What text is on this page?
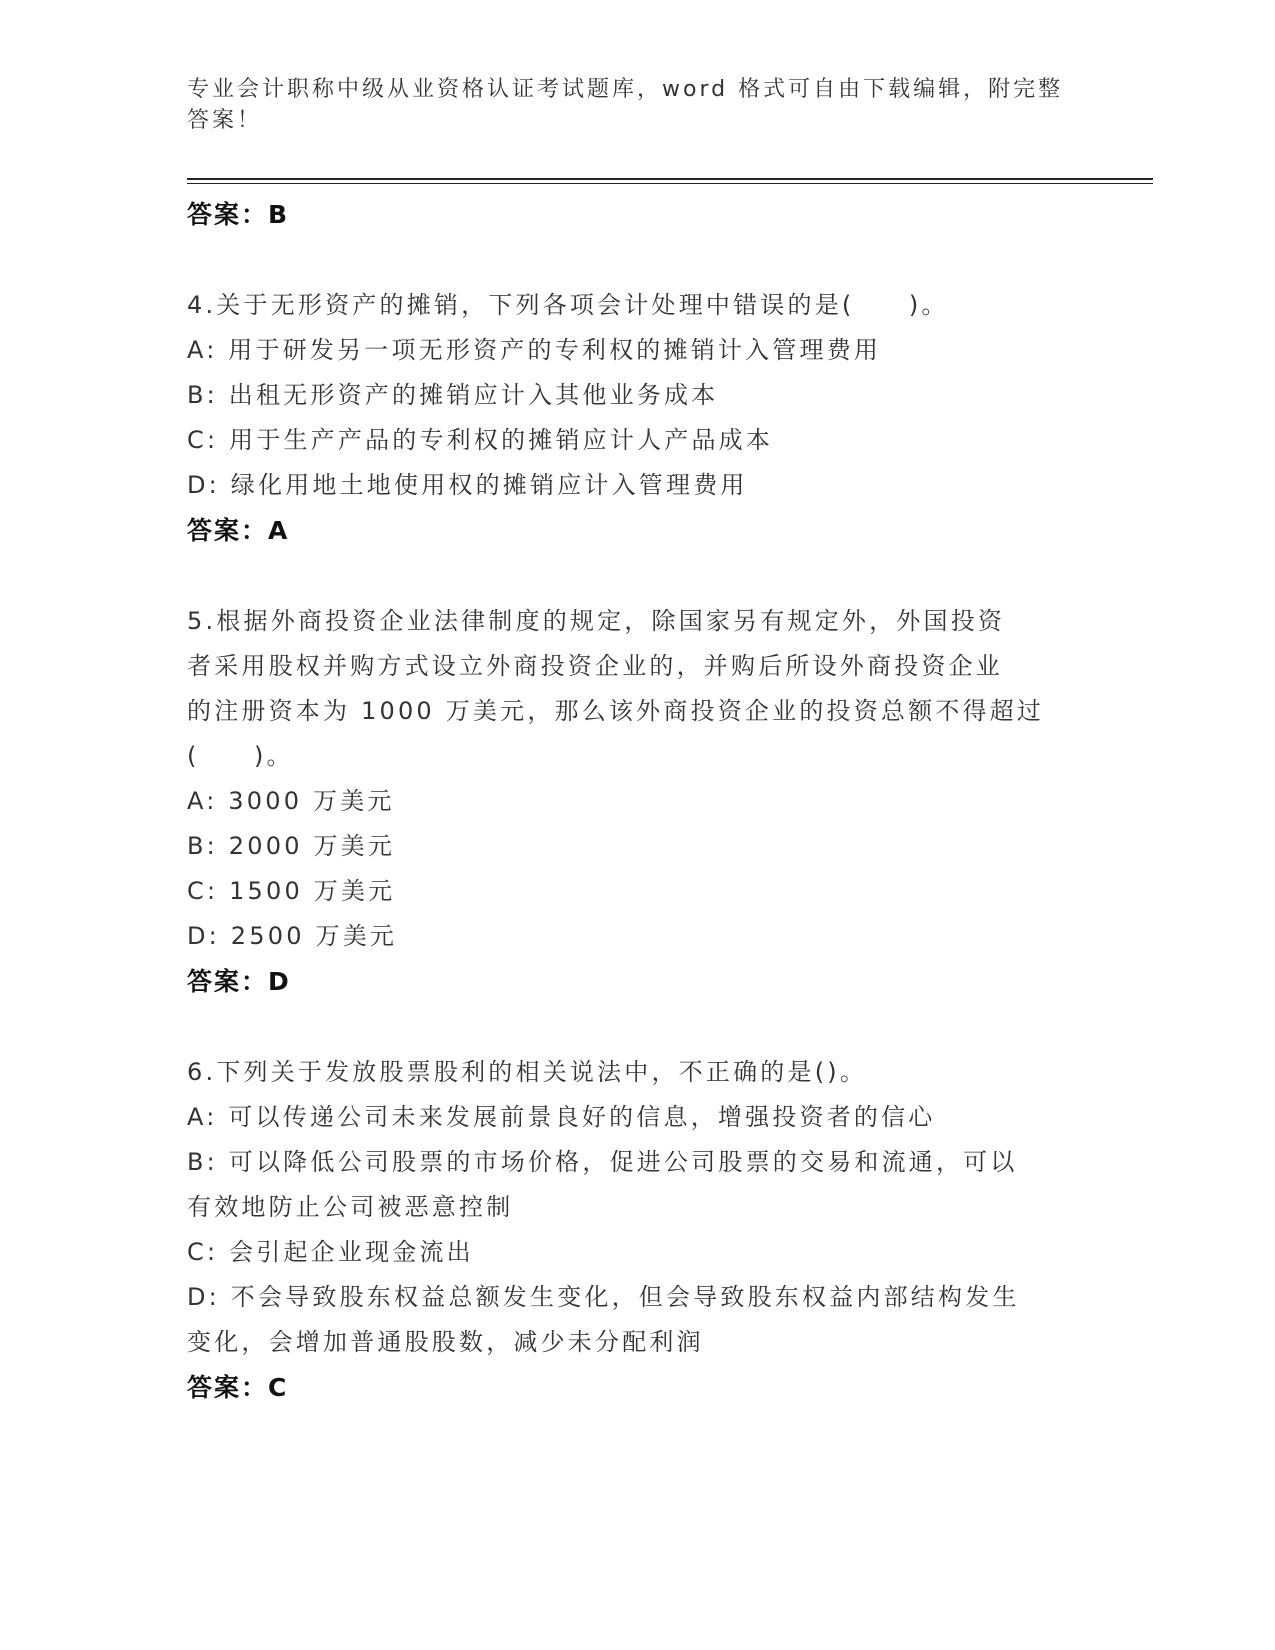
专业会计职称中级从业资格认证考试题库，word 格式可自由下载编辑，附完整答案！
答案：B
4.关于无形资产的摊销，下列各项会计处理中错误的是(　　)。
A: 用于研发另一项无形资产的专利权的摊销计入管理费用
B: 出租无形资产的摊销应计入其他业务成本
C: 用于生产产品的专利权的摊销应计人产品成本
D: 绿化用地土地使用权的摊销应计入管理费用
答案：A
5.根据外商投资企业法律制度的规定，除国家另有规定外，外国投资
者采用股权并购方式设立外商投资企业的，并购后所设外商投资企业
的注册资本为 1000 万美元，那么该外商投资企业的投资总额不得超过
(　　)。
A: 3000 万美元
B: 2000 万美元
C: 1500 万美元
D: 2500 万美元
答案：D
6.下列关于发放股票股利的相关说法中，不正确的是()。
A: 可以传递公司未来发展前景良好的信息，增强投资者的信心
B: 可以降低公司股票的市场价格，促进公司股票的交易和流通，可以
有效地防止公司被恶意控制
C: 会引起企业现金流出
D: 不会导致股东权益总额发生变化，但会导致股东权益内部结构发生
变化，会增加普通股股数，减少未分配利润
答案：C
